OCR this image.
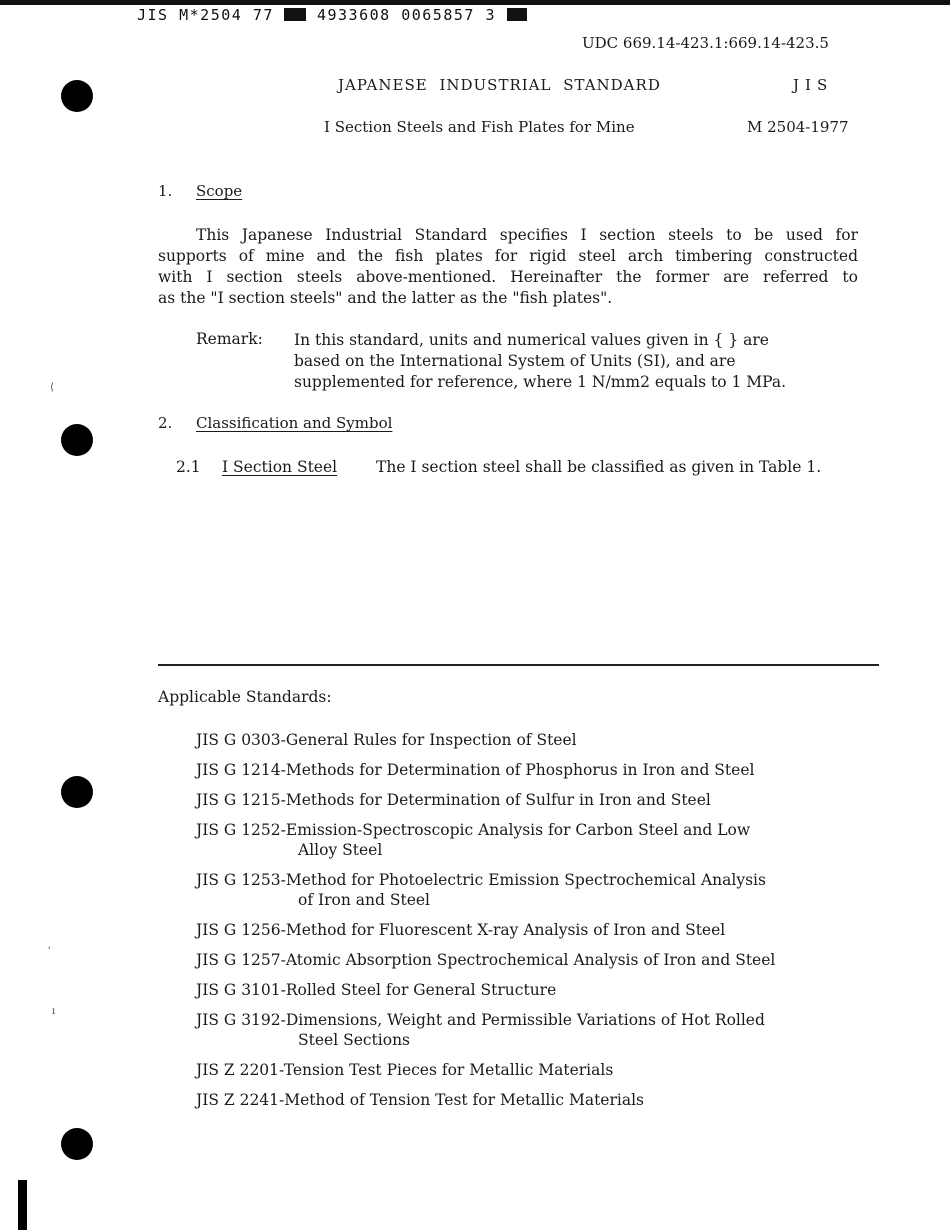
⟨
ʿ
ı
JIS M*2504 77	4933608 0065857 3
UDC 669.14-423.1:669.14-423.5
JAPANESE INDUSTRIAL STANDARD	JIS
I Section Steels and Fish Plates for Mine	M 2504-1977
1. Scope
This Japanese Industrial Standard specifies I section steels to be used for
supports of mine and the fish plates for rigid steel arch timbering constructed
with I section steels above-mentioned. Hereinafter the former are referred to
as the "I section steels" and the latter as the "fish plates".
Remark: In this standard, units and numerical values given in { } are
based on the International System of Units (SI), and are
supplemented for reference, where 1 N/mm2 equals to 1 MPa.
2. Classification and Symbol
2.1 I Section Steel	The I section steel shall be classified as given in Table 1.
Applicable Standards:
JIS G 0303-General Rules for Inspection of Steel
JIS G 1214-Methods for Determination of Phosphorus in Iron and Steel
JIS G 1215-Methods for Determination of Sulfur in Iron and Steel
JIS G 1252-Emission-Spectroscopic Analysis for Carbon Steel and Low
Alloy Steel
JIS G 1253-Method for Photoelectric Emission Spectrochemical Analysis
of Iron and Steel
JIS G 1256-Method for Fluorescent X-ray Analysis of Iron and Steel
JIS G 1257-Atomic Absorption Spectrochemical Analysis of Iron and Steel
JIS G 3101-Rolled Steel for General Structure
JIS G 3192-Dimensions, Weight and Permissible Variations of Hot Rolled
Steel Sections
JIS Z 2201-Tension Test Pieces for Metallic Materials
JIS Z 2241-Method of Tension Test for Metallic Materials
